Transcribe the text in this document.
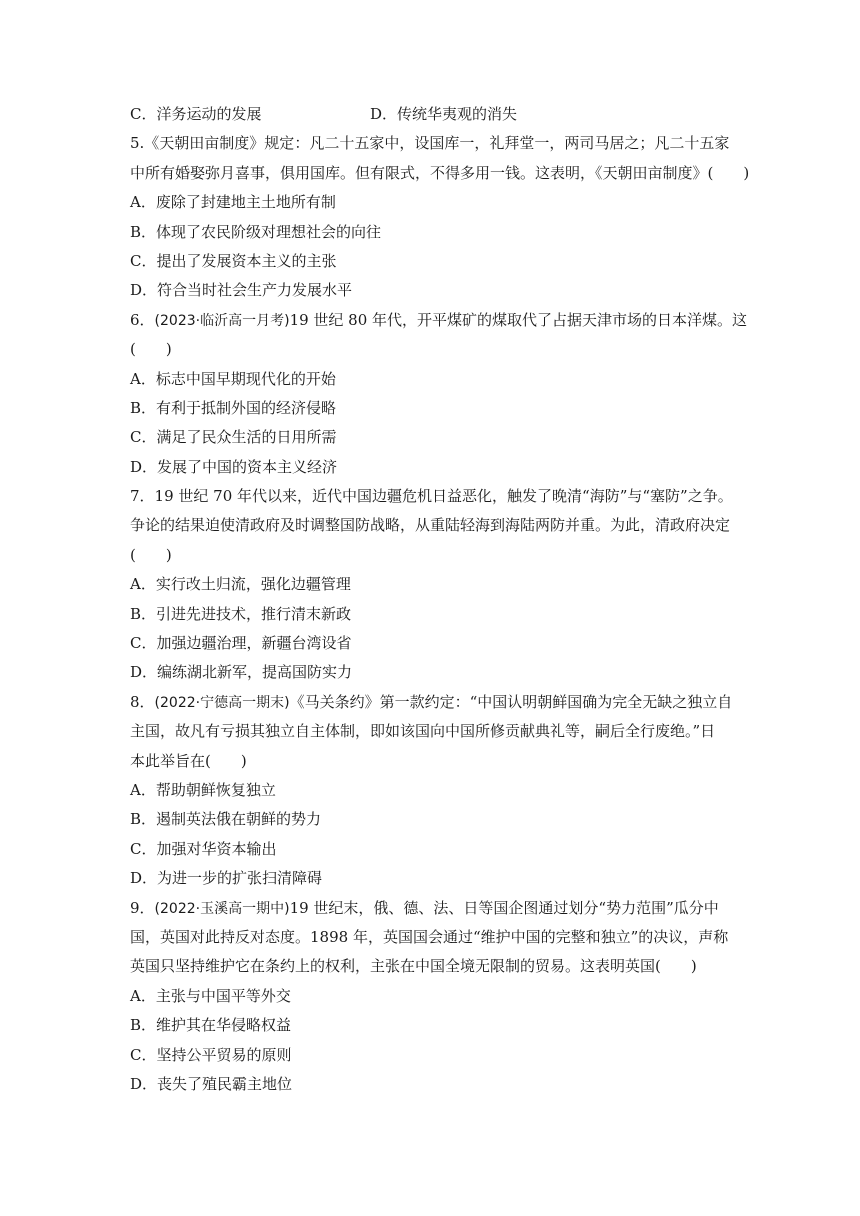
C．洋务运动的发展	D．传统华夷观的消失
5.《天朝田亩制度》规定：凡二十五家中，设国库一，礼拜堂一，两司马居之；凡二十五家
中所有婚娶弥月喜事，俱用国库。但有限式，不得多用一钱。这表明，《天朝田亩制度》(　　)
A．废除了封建地主土地所有制
B．体现了农民阶级对理想社会的向往
C．提出了发展资本主义的主张
D．符合当时社会生产力发展水平
6．(2023·临沂高一月考)19 世纪 80 年代，开平煤矿的煤取代了占据天津市场的日本洋煤。这
(　　)
A．标志中国早期现代化的开始
B．有利于抵制外国的经济侵略
C．满足了民众生活的日用所需
D．发展了中国的资本主义经济
7．19 世纪 70 年代以来，近代中国边疆危机日益恶化，触发了晚清“海防”与“塞防”之争。
争论的结果迫使清政府及时调整国防战略，从重陆轻海到海陆两防并重。为此，清政府决定
(　　)
A．实行改土归流，强化边疆管理
B．引进先进技术，推行清末新政
C．加强边疆治理，新疆台湾设省
D．编练湖北新军，提高国防实力
8．(2022·宁德高一期末)《马关条约》第一款约定：“中国认明朝鲜国确为完全无缺之独立自
主国，故凡有亏损其独立自主体制，即如该国向中国所修贡献典礼等，嗣后全行废绝。”日
本此举旨在(　　)
A．帮助朝鲜恢复独立
B．遏制英法俄在朝鲜的势力
C．加强对华资本输出
D．为进一步的扩张扫清障碍
9．(2022·玉溪高一期中)19 世纪末，俄、德、法、日等国企图通过划分“势力范围”瓜分中
国，英国对此持反对态度。1898 年，英国国会通过“维护中国的完整和独立”的决议，声称
英国只坚持维护它在条约上的权利，主张在中国全境无限制的贸易。这表明英国(　　)
A．主张与中国平等外交
B．维护其在华侵略权益
C．坚持公平贸易的原则
D．丧失了殖民霸主地位
